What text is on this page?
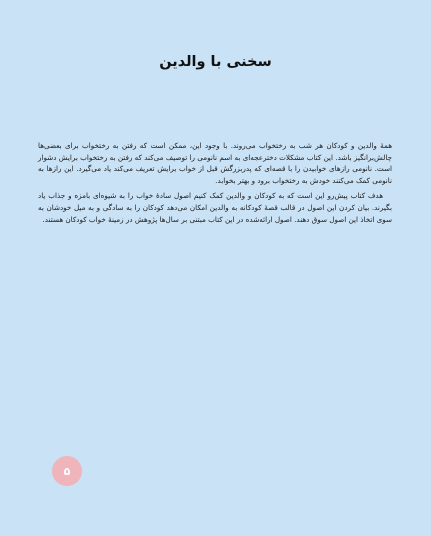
سخنی با والدین

همهٔ والدین و کودکان هر شب به رختخواب می‌روند. با وجود این، ممکن است که رفتن به رختخواب برای بعضی‌ها چالش‌برانگیز باشد. این کتاب مشکلات دخترعجه‌ای به اسم نانومی را توصیف می‌کند که رفتن به رختخواب برایش دشوار است. نانومی رازهای خوابیدن را با قصه‌ای که پدربزرگش قبل از خواب برایش تعریف می‌کند یاد می‌گیرد. این رازها به نانومی کمک می‌کنند خودش به رختخواب برود و بهتر بخوابد.

هدف کتاب پیش‌رو این است که به کودکان و والدین کمک کنیم اصول سادهٔ خواب را به شیوه‌ای بامزه و جذاب یاد بگیرند. بیان کردن این اصول در قالب قصهٔ کودکانه به والدین امکان می‌دهد کودکان را به سادگی و به میل خودشان به سوی اتخاذ این اصول سوق دهند. اصول ارائه‌شده در این کتاب مبتنی بر سال‌ها پژوهش در زمینهٔ خواب کودکان هستند.

۵
